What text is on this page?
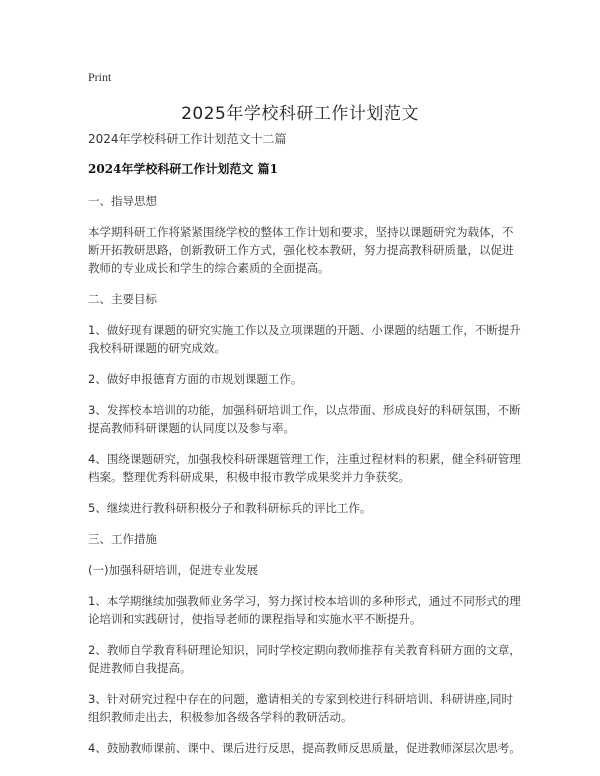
Print
2025年学校科研工作计划范文

2024年学校科研工作计划范文十二篇

2024年学校科研工作计划范文 篇1

一、指导思想

本学期科研工作将紧紧围绕学校的整体工作计划和要求，坚持以课题研究为载体，不断开拓教研思路，创新教研工作方式，强化校本教研，努力提高教科研质量，以促进教师的专业成长和学生的综合素质的全面提高。

二、主要目标

1、做好现有课题的研究实施工作以及立项课题的开题、小课题的结题工作，不断提升我校科研课题的研究成效。

2、做好申报德育方面的市规划课题工作。

3、发挥校本培训的功能，加强科研培训工作，以点带面、形成良好的科研氛围，不断提高教师科研课题的认同度以及参与率。

4、围绕课题研究，加强我校科研课题管理工作，注重过程材料的积累，健全科研管理档案。整理优秀科研成果，积极申报市教学成果奖并力争获奖。

5、继续进行教科研积极分子和教科研标兵的评比工作。

三、工作措施

(一)加强科研培训，促进专业发展

1、本学期继续加强教师业务学习，努力探讨校本培训的多种形式，通过不同形式的理论培训和实践研讨，使指导老师的课程指导和实施水平不断提升。

2、教师自学教育科研理论知识，同时学校定期向教师推荐有关教育科研方面的文章，促进教师自我提高。

3、针对研究过程中存在的问题，邀请相关的专家到校进行科研培训、科研讲座,同时组织教师走出去，积极参加各级各学科的教研活动。

4、鼓励教师课前、课中、课后进行反思，提高教师反思质量，促进教师深层次思考。
